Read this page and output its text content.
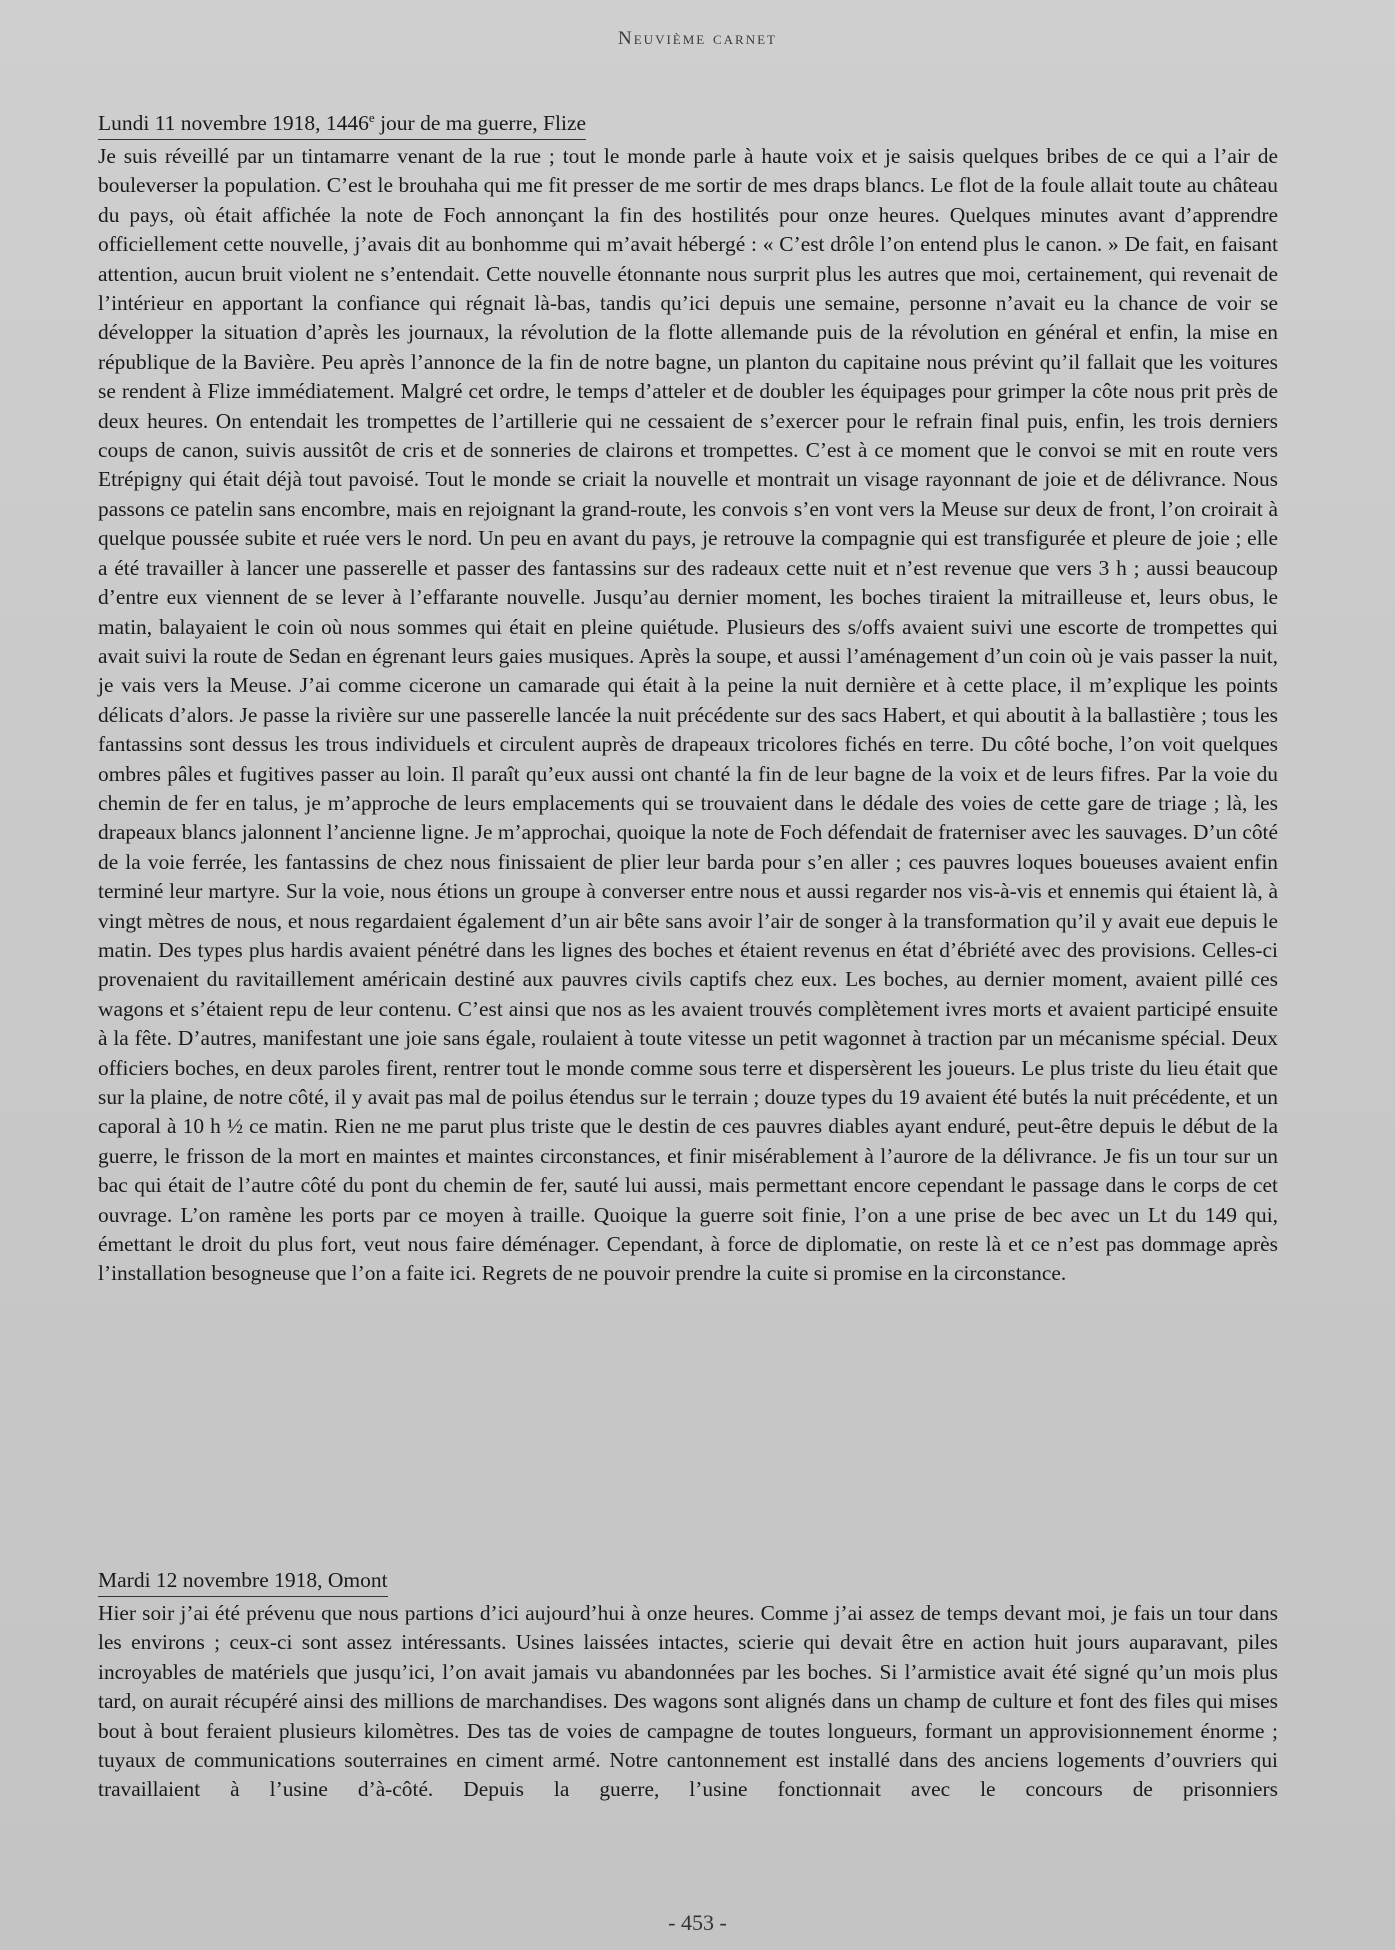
Neuvième carnet
Lundi 11 novembre 1918, 1446e jour de ma guerre, Flize

Je suis réveillé par un tintamarre venant de la rue ; tout le monde parle à haute voix et je saisis quelques bribes de ce qui a l’air de bouleverser la population. C’est le brouhaha qui me fit presser de me sortir de mes draps blancs. Le flot de la foule allait toute au château du pays, où était affichée la note de Foch annonçant la fin des hostilités pour onze heures. Quelques minutes avant d’apprendre officiellement cette nouvelle, j’avais dit au bonhomme qui m’avait hébergé : « C’est drôle l’on entend plus le canon. » De fait, en faisant attention, aucun bruit violent ne s’entendait. Cette nouvelle étonnante nous surprit plus les autres que moi, certainement, qui revenait de l’intérieur en apportant la confiance qui régnait là-bas, tandis qu’ici depuis une semaine, personne n’avait eu la chance de voir se développer la situation d’après les journaux, la révolution de la flotte allemande puis de la révolution en général et enfin, la mise en république de la Bavière. Peu après l’annonce de la fin de notre bagne, un planton du capitaine nous prévint qu’il fallait que les voitures se rendent à Flize immédiatement. Malgré cet ordre, le temps d’atteler et de doubler les équipages pour grimper la côte nous prit près de deux heures. On entendait les trompettes de l’artillerie qui ne cessaient de s’exercer pour le refrain final puis, enfin, les trois derniers coups de canon, suivis aussitôt de cris et de sonneries de clairons et trompettes. C’est à ce moment que le convoi se mit en route vers Etrépigny qui était déjà tout pavoisé. Tout le monde se criait la nouvelle et montrait un visage rayonnant de joie et de délivrance. Nous passons ce patelin sans encombre, mais en rejoignant la grand-route, les convois s’en vont vers la Meuse sur deux de front, l’on croirait à quelque poussée subite et ruée vers le nord. Un peu en avant du pays, je retrouve la compagnie qui est transfigurée et pleure de joie ; elle a été travailler à lancer une passerelle et passer des fantassins sur des radeaux cette nuit et n’est revenue que vers 3 h ; aussi beaucoup d’entre eux viennent de se lever à l’effarante nouvelle. Jusqu’au dernier moment, les boches tiraient la mitrailleuse et, leurs obus, le matin, balayaient le coin où nous sommes qui était en pleine quiétude. Plusieurs des s/offs avaient suivi une escorte de trompettes qui avait suivi la route de Sedan en égrenant leurs gaies musiques. Après la soupe, et aussi l’aménagement d’un coin où je vais passer la nuit, je vais vers la Meuse. J’ai comme cicerone un camarade qui était à la peine la nuit dernière et à cette place, il m’explique les points délicats d’alors. Je passe la rivière sur une passerelle lancée la nuit précédente sur des sacs Habert, et qui aboutit à la ballastière ; tous les fantassins sont dessus les trous individuels et circulent auprès de drapeaux tricolores fichés en terre. Du côté boche, l’on voit quelques ombres pâles et fugitives passer au loin. Il paraît qu’eux aussi ont chanté la fin de leur bagne de la voix et de leurs fifres. Par la voie du chemin de fer en talus, je m’approche de leurs emplacements qui se trouvaient dans le dédale des voies de cette gare de triage ; là, les drapeaux blancs jalonnent l’ancienne ligne. Je m’approchai, quoique la note de Foch défendait de fraterniser avec les sauvages. D’un côté de la voie ferrée, les fantassins de chez nous finissaient de plier leur barda pour s’en aller ; ces pauvres loques boueuses avaient enfin terminé leur martyre. Sur la voie, nous étions un groupe à converser entre nous et aussi regarder nos vis-à-vis et ennemis qui étaient là, à vingt mètres de nous, et nous regardaient également d’un air bête sans avoir l’air de songer à la transformation qu’il y avait eue depuis le matin. Des types plus hardis avaient pénétré dans les lignes des boches et étaient revenus en état d’ébriété avec des provisions. Celles-ci provenaient du ravitaillement américain destiné aux pauvres civils captifs chez eux. Les boches, au dernier moment, avaient pillé ces wagons et s’étaient repu de leur contenu. C’est ainsi que nos as les avaient trouvés complètement ivres morts et avaient participé ensuite à la fête. D’autres, manifestant une joie sans égale, roulaient à toute vitesse un petit wagonnet à traction par un mécanisme spécial. Deux officiers boches, en deux paroles firent, rentrer tout le monde comme sous terre et dispersèrent les joueurs. Le plus triste du lieu était que sur la plaine, de notre côté, il y avait pas mal de poilus étendus sur le terrain ; douze types du 19 avaient été butés la nuit précédente, et un caporal à 10 h ½ ce matin. Rien ne me parut plus triste que le destin de ces pauvres diables ayant enduré, peut-être depuis le début de la guerre, le frisson de la mort en maintes et maintes circonstances, et finir misérablement à l’aurore de la délivrance. Je fis un tour sur un bac qui était de l’autre côté du pont du chemin de fer, sauté lui aussi, mais permettant encore cependant le passage dans le corps de cet ouvrage. L’on ramène les ports par ce moyen à traille. Quoique la guerre soit finie, l’on a une prise de bec avec un Lt du 149 qui, émettant le droit du plus fort, veut nous faire déménager. Cependant, à force de diplomatie, on reste là et ce n’est pas dommage après l’installation besogneuse que l’on a faite ici. Regrets de ne pouvoir prendre la cuite si promise en la circonstance.

Mardi 12 novembre 1918, Omont

Hier soir j’ai été prévenu que nous partions d’ici aujourd’hui à onze heures. Comme j’ai assez de temps devant moi, je fais un tour dans les environs ; ceux-ci sont assez intéressants. Usines laissées intactes, scierie qui devait être en action huit jours auparavant, piles incroyables de matériels que jusqu’ici, l’on avait jamais vu abandonnées par les boches. Si l’armistice avait été signé qu’un mois plus tard, on aurait récupéré ainsi des millions de marchandises. Des wagons sont alignés dans un champ de culture et font des files qui mises bout à bout feraient plusieurs kilomètres. Des tas de voies de campagne de toutes longueurs, formant un approvisionnement énorme ; tuyaux de communications souterraines en ciment armé. Notre cantonnement est installé dans des anciens logements d’ouvriers qui travaillaient à l’usine d’à-côté. Depuis la guerre, l’usine fonctionnait avec le concours de prisonniers

- 453 -
